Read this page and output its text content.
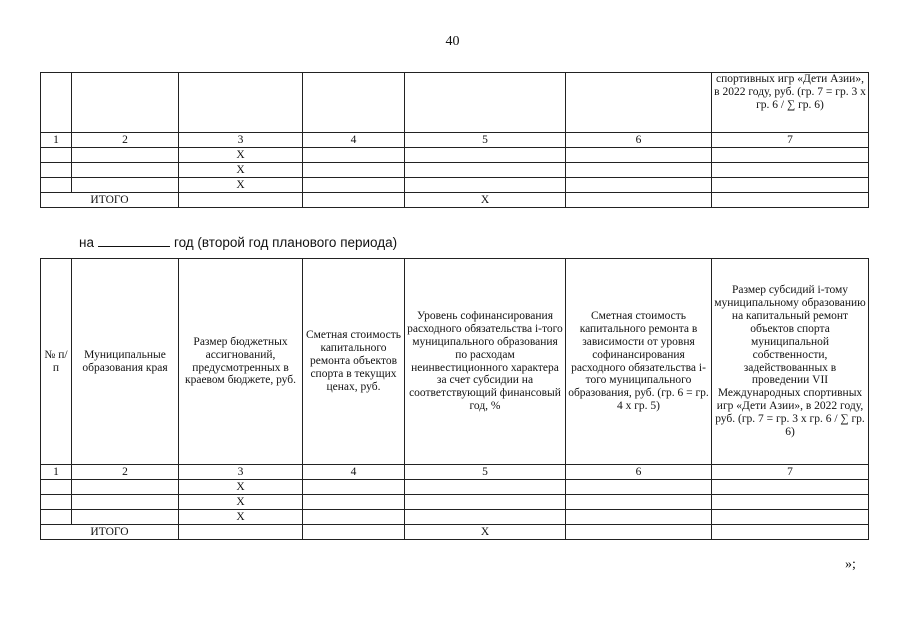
40
						спортивных игр «Дети Азии», в 2022 году, руб. (гр. 7 = гр. 3 х гр. 6 / ∑ гр. 6)
1	2	3	4	5	6	7
		Х				
		Х				
		Х				
ИТОГО				Х		
на	год (второй год планового периода)
№ п/п	Муниципальные образования края	Размер бюджетных ассигнований, предусмотренных в краевом бюджете, руб.	Сметная стоимость капитального ремонта объектов спорта в текущих ценах, руб.	Уровень софинансирования расходного обязательства i-того муниципального образования по расходам неинвестиционного характера за счет субсидии на соответствующий финансовый год, %	Сметная стоимость капитального ремонта в зависимости от уровня софинансирования расходного обязательства i-того муниципального образования, руб. (гр. 6 = гр. 4 х гр. 5)	Размер субсидий i-тому муниципальному образованию на капитальный ремонт объектов спорта муниципальной собственности, задействованных в проведении VII Международных спортивных игр «Дети Азии», в 2022 году, руб. (гр. 7 = гр. 3 х гр. 6 / ∑ гр. 6)
1	2	3	4	5	6	7
		Х				
		Х				
		Х				
ИТОГО				Х		
»;
